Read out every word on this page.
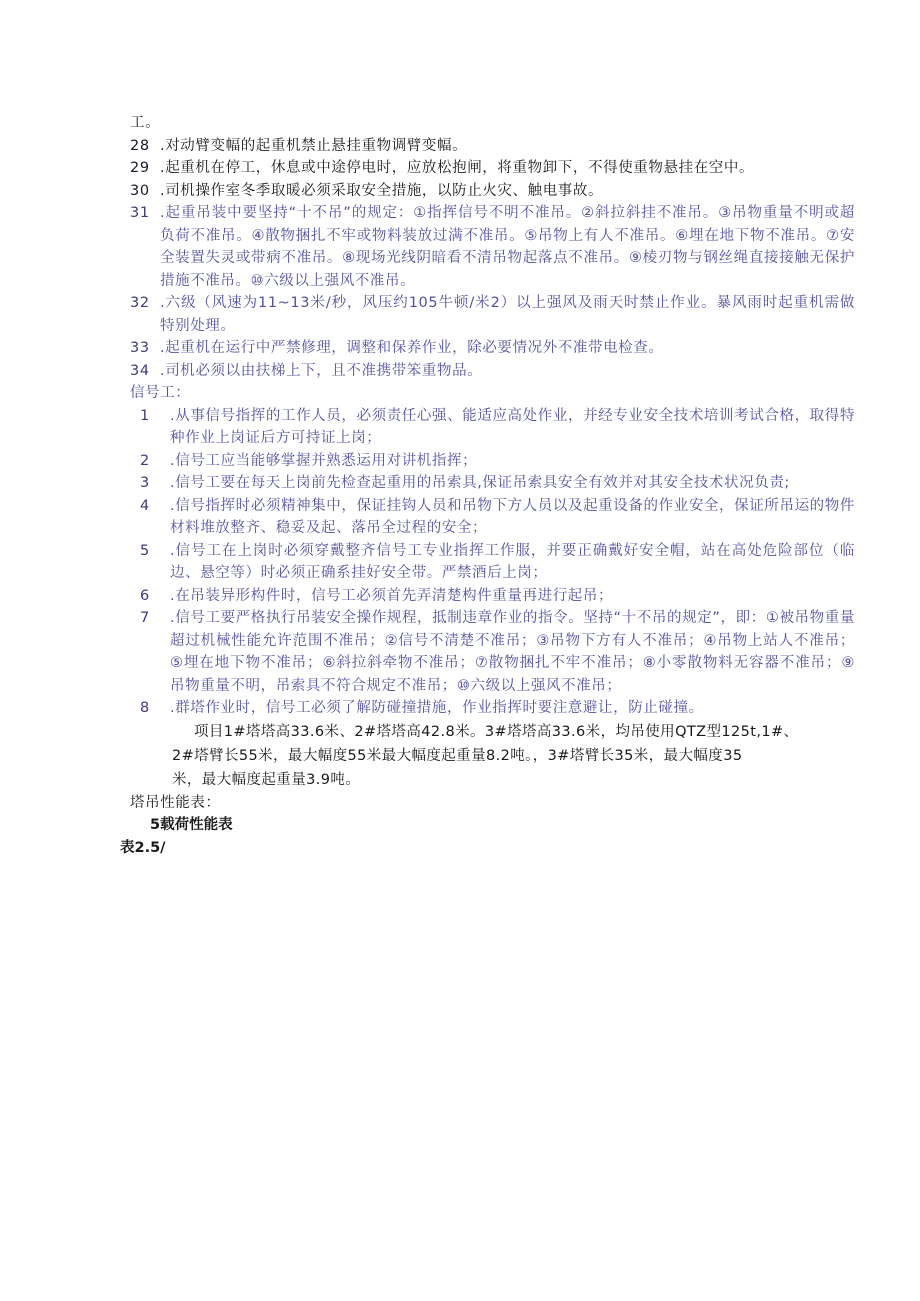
工。
28 .对动臂变幅的起重机禁止悬挂重物调臂变幅。
29 .起重机在停工，休息或中途停电时，应放松抱闸，将重物卸下，不得使重物悬挂在空中。
30 .司机操作室冬季取暖必须采取安全措施，以防止火灾、触电事故。
31 .起重吊装中要坚持“十不吊”的规定：①指挥信号不明不准吊。②斜拉斜挂不准吊。③吊物重量不明或超负荷不准吊。④散物捆扎不牢或物料装放过满不准吊。⑤吊物上有人不准吊。⑥埋在地下物不准吊。⑦安全装置失灵或带病不准吊。⑧现场光线阴暗看不清吊物起落点不准吊。⑨棱刃物与钢丝绳直接接触无保护措施不准吊。⑩六级以上强风不准吊。
32 .六级（风速为11~13米/秒，风压约105牛顿/米2）以上强风及雨天时禁止作业。暴风雨时起重机需做特别处理。
33 .起重机在运行中严禁修理，调整和保养作业，除必要情况外不准带电检查。
34 .司机必须以由扶梯上下，且不准携带笨重物品。
信号工：
1	.从事信号指挥的工作人员，必须责任心强、能适应高处作业，并经专业安全技术培训考试合格，取得特种作业上岗证后方可持证上岗；
2	.信号工应当能够掌握并熟悉运用对讲机指挥；
3	.信号工要在每天上岗前先检查起重用的吊索具,保证吊索具安全有效并对其安全技术状况负责;
4	.信号指挥时必须精神集中，保证挂钩人员和吊物下方人员以及起重设备的作业安全，保证所吊运的物件材料堆放整齐、稳妥及起、落吊全过程的安全；
5	.信号工在上岗时必须穿戴整齐信号工专业指挥工作服，并要正确戴好安全帽，站在高处危险部位（临边、悬空等）时必须正确系挂好安全带。严禁酒后上岗；
6	.在吊装异形构件时，信号工必须首先弄清楚构件重量再进行起吊；
7	.信号工要严格执行吊装安全操作规程，抵制违章作业的指令。坚持“十不吊的规定”，即：①被吊物重量超过机械性能允许范围不准吊；②信号不清楚不准吊；③吊物下方有人不准吊；④吊物上站人不准吊；⑤埋在地下物不准吊；⑥斜拉斜牵物不准吊；⑦散物捆扎不牢不准吊；⑧小零散物料无容器不准吊；⑨吊物重量不明，吊索具不符合规定不准吊；⑩六级以上强风不准吊；
8	.群塔作业时，信号工必须了解防碰撞措施，作业指挥时要注意避让，防止碰撞。
项目1#塔塔高33.6米、2#塔塔高42.8米。3#塔塔高33.6米，均吊使用QTZ型125t,1#、
2#塔臂长55米，最大幅度55米最大幅度起重量8.2吨。，3#塔臂长35米，最大幅度35
米，最大幅度起重量3.9吨。
塔吊性能表：
5载荷性能表
表2.5/
